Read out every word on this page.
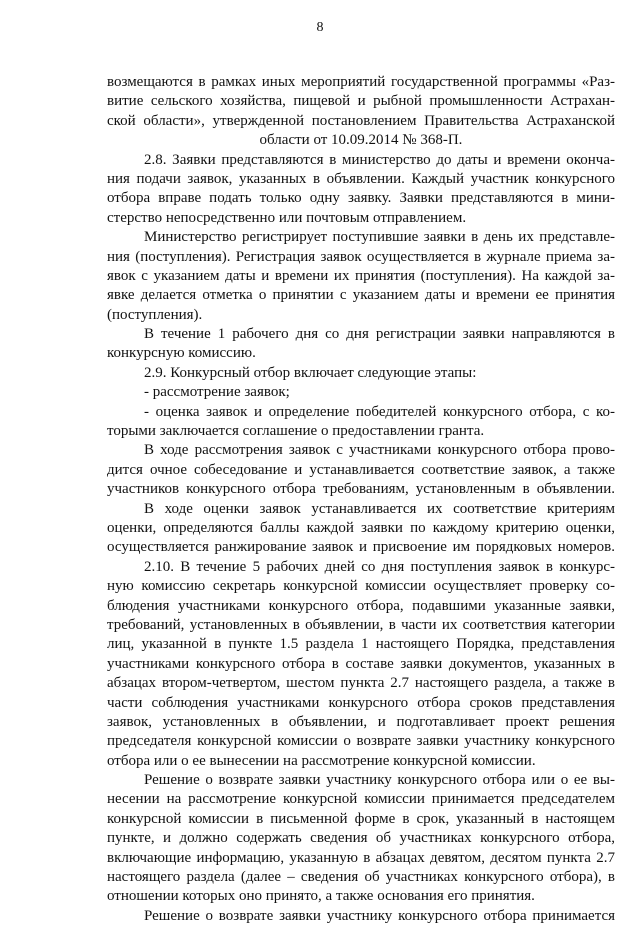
8
возмещаются в рамках иных мероприятий государственной программы «Раз-
витие сельского хозяйства, пищевой и рыбной промышленности Астрахан-
ской области», утвержденной постановлением Правительства Астраханской
области от 10.09.2014 № 368-П.
2.8. Заявки представляются в министерство до даты и времени оконча-
ния подачи заявок, указанных в объявлении. Каждый участник конкурсного
отбора вправе подать только одну заявку. Заявки представляются в мини-
стерство непосредственно или почтовым отправлением.
Министерство регистрирует поступившие заявки в день их представле-
ния (поступления). Регистрация заявок осуществляется в журнале приема за-
явок с указанием даты и времени их принятия (поступления). На каждой за-
явке делается отметка о принятии с указанием даты и времени ее принятия
(поступления).
В течение 1 рабочего дня со дня регистрации заявки направляются в
конкурсную комиссию.
2.9. Конкурсный отбор включает следующие этапы:
- рассмотрение заявок;
- оценка заявок и определение победителей конкурсного отбора, с ко-
торыми заключается соглашение о предоставлении гранта.
В ходе рассмотрения заявок с участниками конкурсного отбора прово-
дится очное собеседование и устанавливается соответствие заявок, а также
участников конкурсного отбора требованиям, установленным в объявлении.
В ходе оценки заявок устанавливается их соответствие критериям
оценки, определяются баллы каждой заявки по каждому критерию оценки,
осуществляется ранжирование заявок и присвоение им порядковых номеров.
2.10. В течение 5 рабочих дней со дня поступления заявок в конкурс-
ную комиссию секретарь конкурсной комиссии осуществляет проверку со-
блюдения участниками конкурсного отбора, подавшими указанные заявки,
требований, установленных в объявлении, в части их соответствия категории
лиц, указанной в пункте 1.5 раздела 1 настоящего Порядка, представления
участниками конкурсного отбора в составе заявки документов, указанных в
абзацах втором-четвертом, шестом пункта 2.7 настоящего раздела, а также в
части соблюдения участниками конкурсного отбора сроков представления
заявок, установленных в объявлении, и подготавливает проект решения
председателя конкурсной комиссии о возврате заявки участнику конкурсного
отбора или о ее вынесении на рассмотрение конкурсной комиссии.
Решение о возврате заявки участнику конкурсного отбора или о ее вы-
несении на рассмотрение конкурсной комиссии принимается председателем
конкурсной комиссии в письменной форме в срок, указанный в настоящем
пункте, и должно содержать сведения об участниках конкурсного отбора,
включающие информацию, указанную в абзацах девятом, десятом пункта 2.7
настоящего раздела (далее – сведения об участниках конкурсного отбора), в
отношении которых оно принято, а также основания его принятия.
Решение о возврате заявки участнику конкурсного отбора принимается
